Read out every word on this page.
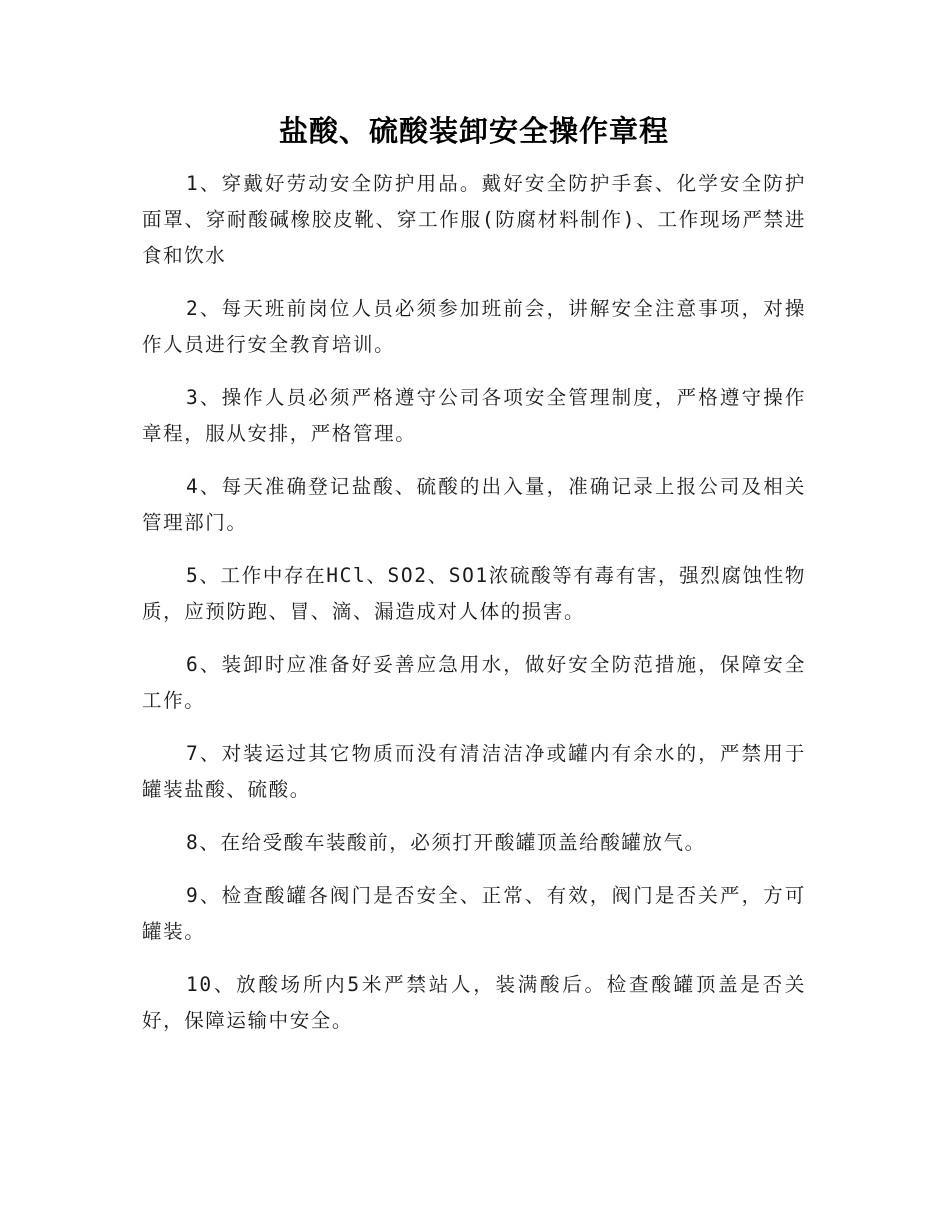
盐酸、硫酸装卸安全操作章程

1、穿戴好劳动安全防护用品。戴好安全防护手套、化学安全防护面罩、穿耐酸碱橡胶皮靴、穿工作服(防腐材料制作)、工作现场严禁进食和饮水

2、每天班前岗位人员必须参加班前会，讲解安全注意事项，对操作人员进行安全教育培训。

3、操作人员必须严格遵守公司各项安全管理制度，严格遵守操作章程，服从安排，严格管理。

4、每天准确登记盐酸、硫酸的出入量，准确记录上报公司及相关管理部门。

5、工作中存在HCl、SO2、SO1浓硫酸等有毒有害，强烈腐蚀性物质，应预防跑、冒、滴、漏造成对人体的损害。

6、装卸时应准备好妥善应急用水，做好安全防范措施，保障安全工作。

7、对装运过其它物质而没有清洁洁净或罐内有余水的，严禁用于罐装盐酸、硫酸。

8、在给受酸车装酸前，必须打开酸罐顶盖给酸罐放气。

9、检查酸罐各阀门是否安全、正常、有效，阀门是否关严，方可罐装。

10、放酸场所内5米严禁站人，装满酸后。检查酸罐顶盖是否关好，保障运输中安全。
